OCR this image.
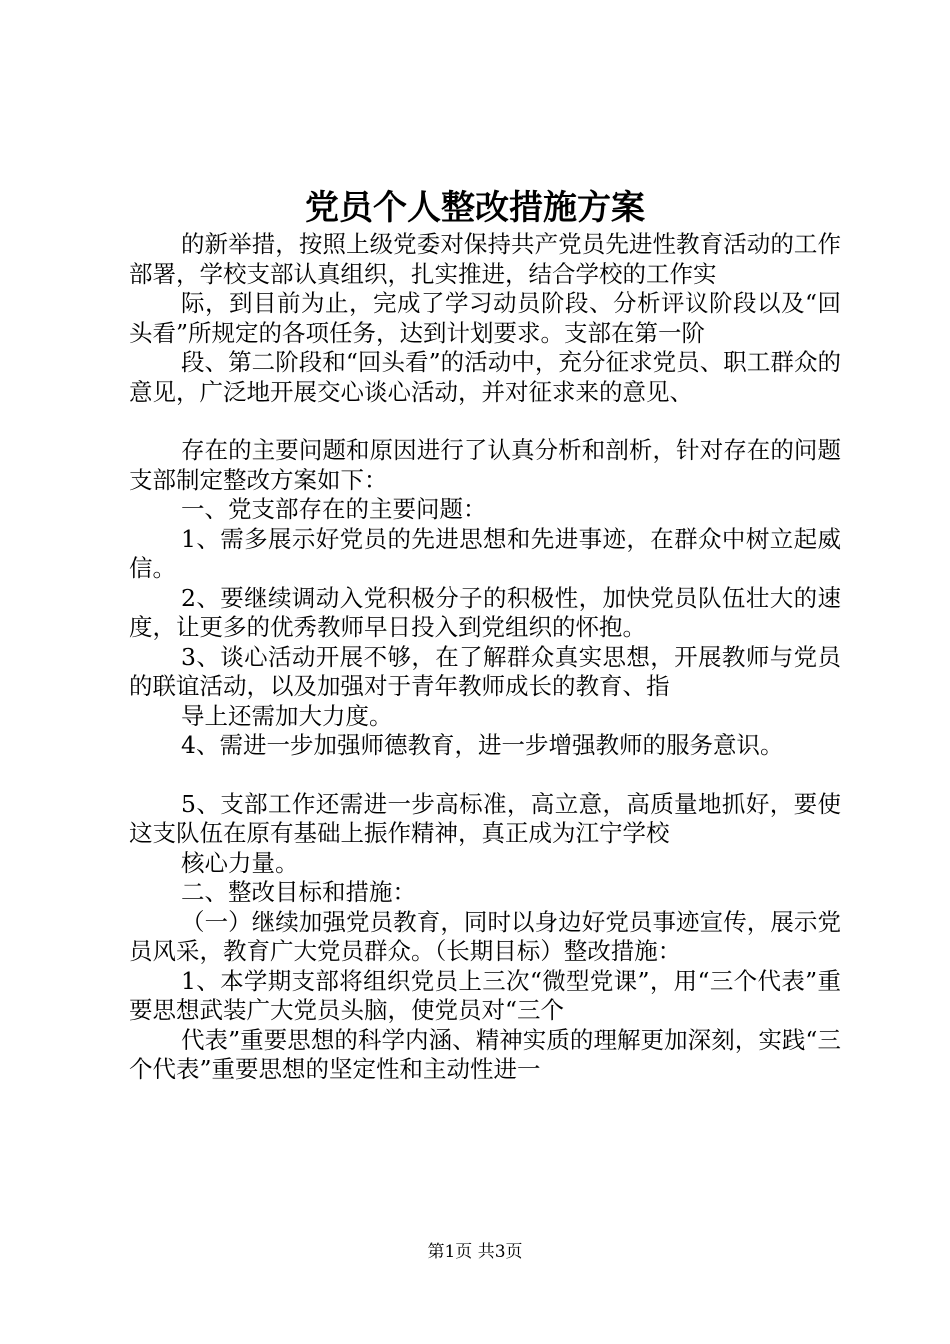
党员个人整改措施方案

的新举措，按照上级党委对保持共产党员先进性教育活动的工作部署，学校支部认真组织，扎实推进，结合学校的工作实

际，到目前为止，完成了学习动员阶段、分析评议阶段以及“回头看”所规定的各项任务，达到计划要求。支部在第一阶

段、第二阶段和“回头看”的活动中，充分征求党员、职工群众的意见，广泛地开展交心谈心活动，并对征求来的意见、

存在的主要问题和原因进行了认真分析和剖析，针对存在的问题支部制定整改方案如下：

一、党支部存在的主要问题：

1、需多展示好党员的先进思想和先进事迹，在群众中树立起威信。

2、要继续调动入党积极分子的积极性，加快党员队伍壮大的速度，让更多的优秀教师早日投入到党组织的怀抱。

3、谈心活动开展不够，在了解群众真实思想，开展教师与党员的联谊活动，以及加强对于青年教师成长的教育、指

导上还需加大力度。

4、需进一步加强师德教育，进一步增强教师的服务意识。

5、支部工作还需进一步高标准，高立意，高质量地抓好，要使这支队伍在原有基础上振作精神，真正成为江宁学校

核心力量。

二、整改目标和措施：

（一）继续加强党员教育，同时以身边好党员事迹宣传，展示党员风采，教育广大党员群众。（长期目标）整改措施：

1、本学期支部将组织党员上三次“微型党课”，用“三个代表”重要思想武装广大党员头脑，使党员对“三个

代表”重要思想的科学内涵、精神实质的理解更加深刻，实践“三个代表”重要思想的坚定性和主动性进一

第1页 共3页
